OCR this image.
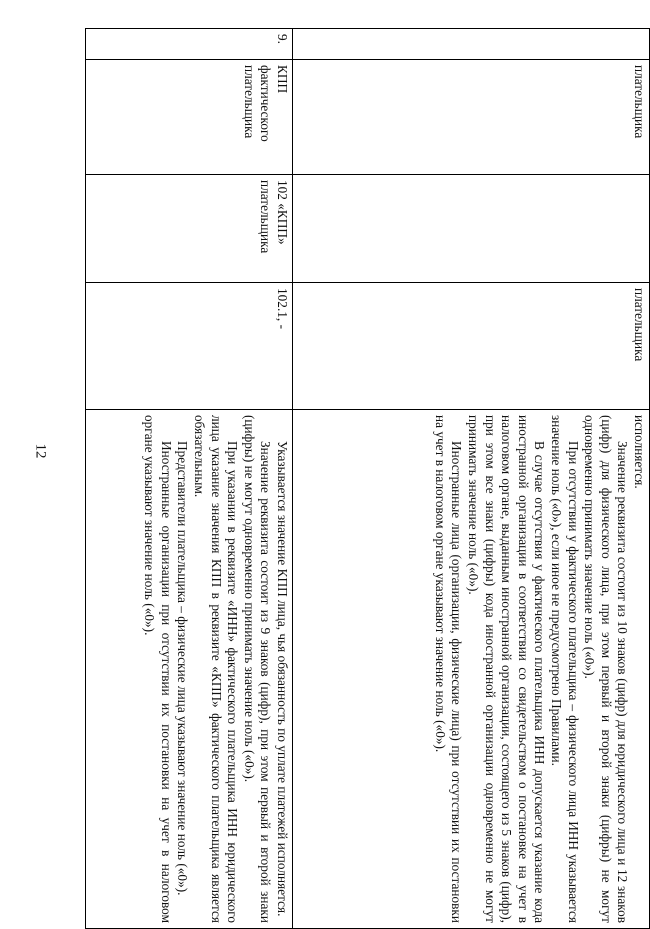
12
	плательщика		плательщика	исполняется.

Значение реквизита состоит из 10 знаков (цифр) для юридического лица и 12 знаков (цифр) для физического лица, при этом первый и второй знаки (цифры) не могут одновременно принимать значение ноль («0»).

При отсутствии у фактического плательщика – физического лица ИНН указывается значение ноль («0»), если иное не предусмотрено Правилами.

В случае отсутствия у фактического плательщика ИНН допускается указание кода иностранной организации в соответствии со свидетельством о постановке на учет в налоговом органе, выданным иностранной организации, состоящего из 5 знаков (цифр), при этом все знаки (цифры) кода иностранной организации одновременно не могут принимать значение ноль («0»).

Иностранные лица (организации, физические лица) при отсутствии их постановки на учет в налоговом органе указывают значение ноль («0»).

9.	КПП фактического плательщика	102 «КПП» плательщика	102.1, -	Указывается значение КПП лица, чья обязанность по уплате платежей исполняется.

Значение реквизита состоит из 9 знаков (цифр), при этом первый и второй знаки (цифры) не могут одновременно принимать значение ноль («0»).

При указании в реквизите «ИНН» фактического плательщика ИНН юридического лица указание значения КПП в реквизите «КПП» фактического плательщика является обязательным.

Представители плательщика – физические лица указывают значение ноль («0»).

Иностранные организации при отсутствии их постановки на учет в налоговом органе указывают значение ноль («0»).
